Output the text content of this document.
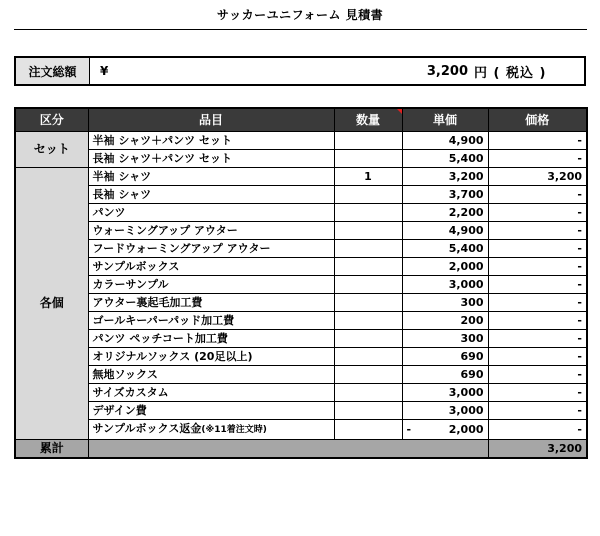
サッカーユニフォーム 見積書
注文総額	¥	3,200 円 ( 税込 )
区分	品目	数量	単価	価格
セット	半袖 シャツ＋パンツ セット		4,900	-
	長袖 シャツ＋パンツ セット		5,400	-
各個	半袖 シャツ	1	3,200	3,200
	長袖 シャツ		3,700	-
	パンツ		2,200	-
	ウォーミングアップ アウター		4,900	-
	フードウォーミングアップ アウター		5,400	-
	サンプルボックス		2,000	-
	カラーサンプル		3,000	-
	アウター裏起毛加工費		300	-
	ゴールキーパーパッド加工費		200	-
	パンツ ペッチコート加工費		300	-
	オリジナルソックス (20足以上)		690	-
	無地ソックス		690	-
	サイズカスタム		3,000	-
	デザイン費		3,000	-
	サンプルボックス返金(※11着注文時)		- 2,000	-
累計				3,200
